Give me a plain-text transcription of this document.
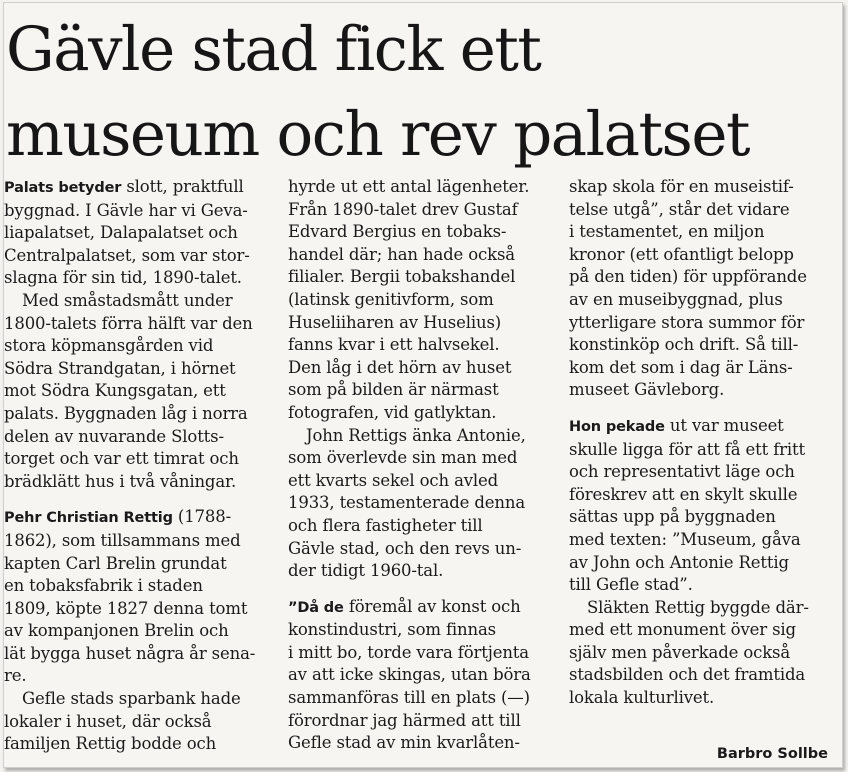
Gävle stad fick ett
museum och rev palatset

Palats betyder slott, praktfull
byggnad. I Gävle har vi Geva-
liapalatset, Dalapalatset och
Centralpalatset, som var stor-
slagna för sin tid, 1890-talet.

Med småstadsmått under
1800-talets förra hälft var den
stora köpmansgården vid
Södra Strandgatan, i hörnet
mot Södra Kungsgatan, ett
palats. Byggnaden låg i norra
delen av nuvarande Slotts-
torget och var ett timrat och
brädklätt hus i två våningar.

Pehr Christian Rettig (1788-
1862), som tillsammans med
kapten Carl Brelin grundat
en tobaksfabrik i staden
1809, köpte 1827 denna tomt
av kompanjonen Brelin och
lät bygga huset några år sena-
re.

Gefle stads sparbank hade
lokaler i huset, där också
familjen Rettig bodde och

hyrde ut ett antal lägenheter.
Från 1890-talet drev Gustaf
Edvard Bergius en tobaks-
handel där; han hade också
filialer. Bergii tobakshandel
(latinsk genitivform, som
Huseliiharen av Huselius)
fanns kvar i ett halvsekel.
Den låg i det hörn av huset
som på bilden är närmast
fotografen, vid gatlyktan.

John Rettigs änka Antonie,
som överlevde sin man med
ett kvarts sekel och avled
1933, testamenterade denna
och flera fastigheter till
Gävle stad, och den revs un-
der tidigt 1960-tal.

”Då de föremål av konst och
konstindustri, som finnas
i mitt bo, torde vara förtjenta
av att icke skingas, utan böra
sammanföras till en plats (—)
förordnar jag härmed att till
Gefle stad av min kvarlåten-

skap skola för en museistif-
telse utgå”, står det vidare
i testamentet, en miljon
kronor (ett ofantligt belopp
på den tiden) för uppförande
av en museibyggnad, plus
ytterligare stora summor för
konstinköp och drift. Så till-
kom det som i dag är Läns-
museet Gävleborg.

Hon pekade ut var museet
skulle ligga för att få ett fritt
och representativt läge och
föreskrev att en skylt skulle
sättas upp på byggnaden
med texten: ”Museum, gåva
av John och Antonie Rettig
till Gefle stad”.

Släkten Rettig byggde där-
med ett monument över sig
själv men påverkade också
stadsbilden och det framtida
lokala kulturlivet.

Barbro Sollbe
